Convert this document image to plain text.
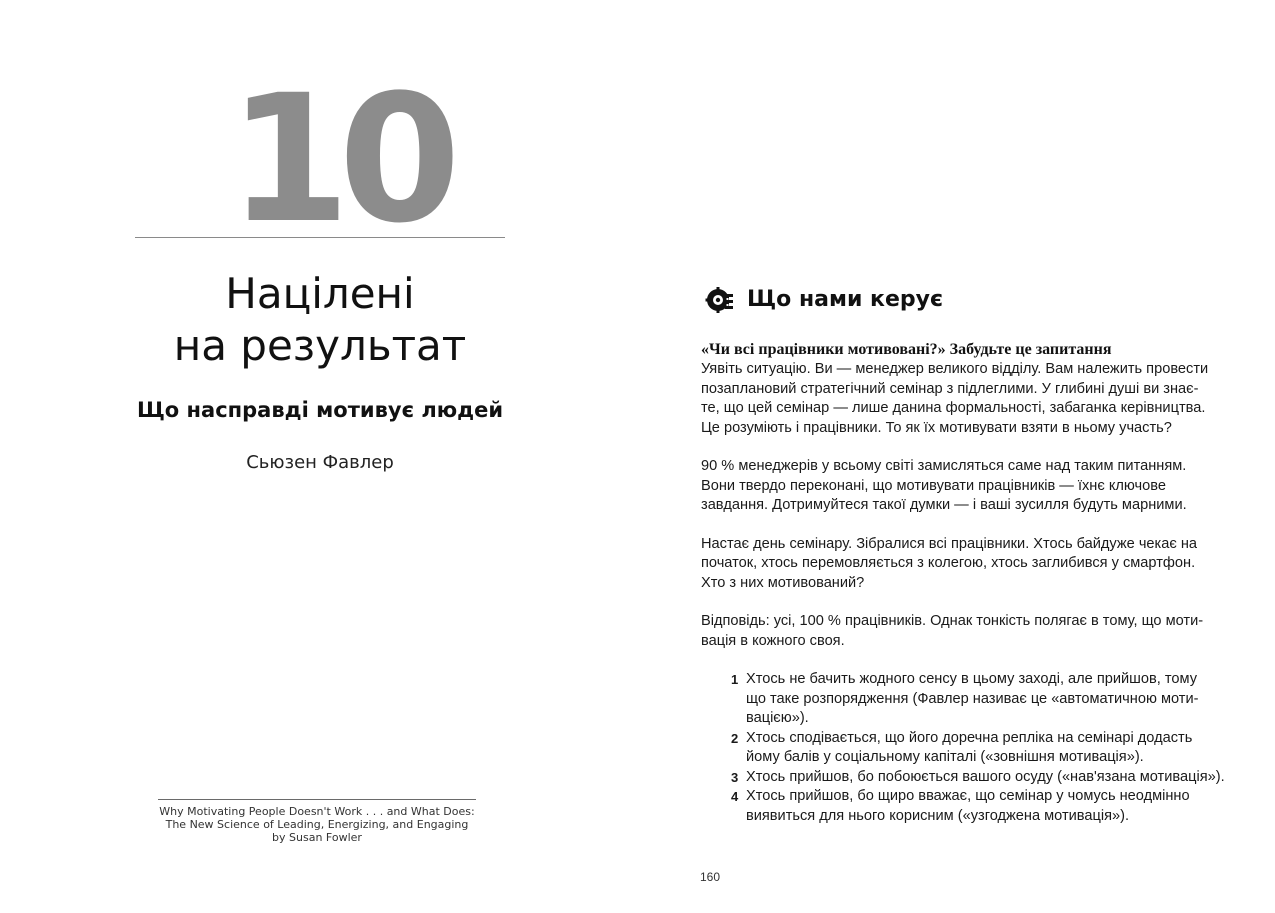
10
Націлені
на результат
Що насправді мотивує людей
Сьюзен Фавлер
Why Motivating People Doesn't Work . . . and What Does:
The New Science of Leading, Energizing, and Engaging
by Susan Fowler
Що нами керує

«Чи всі працівники мотивовані?» Забудьте це запитання

Уявіть ситуацію. Ви — менеджер великого відділу. Вам належить провести
позаплановий стратегічний семінар з підлеглими. У глибині душі ви знає-
те, що цей семінар — лише данина формальності, забаганка керівництва.
Це розуміють і працівники. То як їх мотивувати взяти в ньому участь?

90 % менеджерів у всьому світі замисляться саме над таким питанням.
Вони твердо переконані, що мотивувати працівників — їхнє ключове
завдання. Дотримуйтеся такої думки — і ваші зусилля будуть марними.

Настає день семінару. Зібралися всі працівники. Хтось байдуже чекає на
початок, хтось перемовляється з колегою, хтось заглибився у смартфон.
Хто з них мотивований?

Відповідь: усі, 100 % працівників. Однак тонкість полягає в тому, що моти-
вація в кожного своя.

1 Хтось не бачить жодного сенсу в цьому заході, але прийшов, тому
що таке розпорядження (Фавлер називає це «автоматичною моти-
вацією»).
2 Хтось сподівається, що його доречна репліка на семінарі додасть
йому балів у соціальному капіталі («зовнішня мотивація»).
3 Хтось прийшов, бо побоюється вашого осуду («нав'язана мотивація»).
4 Хтось прийшов, бо щиро вважає, що семінар у чомусь неодмінно
виявиться для нього корисним («узгоджена мотивація»).
160
